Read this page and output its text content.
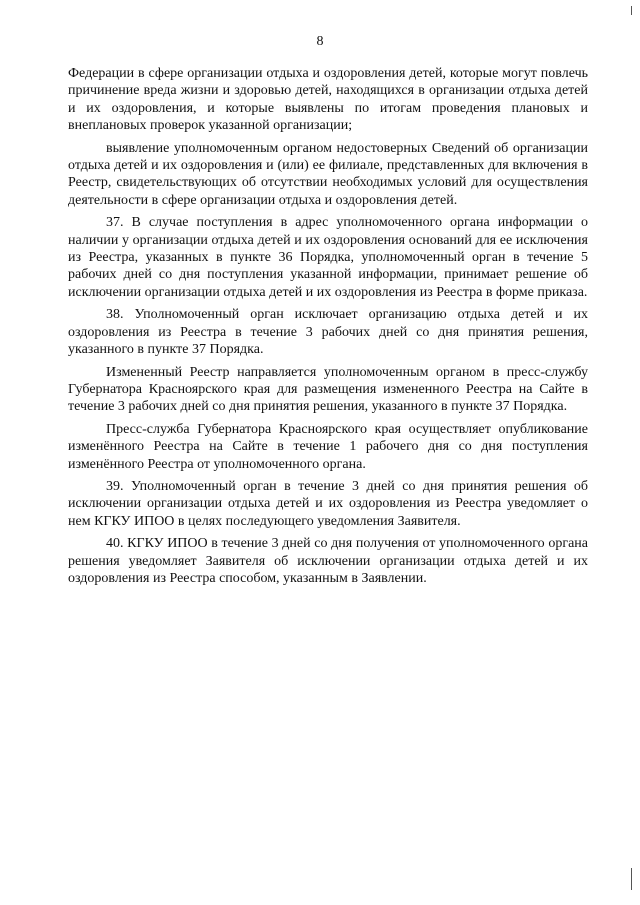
8

Федерации в сфере организации отдыха и оздоровления детей, которые могут повлечь причинение вреда жизни и здоровью детей, находящихся в организации отдыха детей и их оздоровления, и которые выявлены по итогам проведения плановых и внеплановых проверок указанной организации;

выявление уполномоченным органом недостоверных Сведений об организации отдыха детей и их оздоровления и (или) ее филиале, представленных для включения в Реестр, свидетельствующих об отсутствии необходимых условий для осуществления деятельности в сфере организации отдыха и оздоровления детей.

37. В случае поступления в адрес уполномоченного органа информации о наличии у организации отдыха детей и их оздоровления оснований для ее исключения из Реестра, указанных в пункте 36 Порядка, уполномоченный орган в течение 5 рабочих дней со дня поступления указанной информации, принимает решение об исключении организации отдыха детей и их оздоровления из Реестра в форме приказа.

38. Уполномоченный орган исключает организацию отдыха детей и их оздоровления из Реестра в течение 3 рабочих дней со дня принятия решения, указанного в пункте 37 Порядка.

Измененный Реестр направляется уполномоченным органом в пресс-службу Губернатора Красноярского края для размещения измененного Реестра на Сайте в течение 3 рабочих дней со дня принятия решения, указанного в пункте 37 Порядка.

Пресс-служба Губернатора Красноярского края осуществляет опубликование изменённого Реестра на Сайте в течение 1 рабочего дня со дня поступления изменённого Реестра от уполномоченного органа.

39. Уполномоченный орган в течение 3 дней со дня принятия решения об исключении организации отдыха детей и их оздоровления из Реестра уведомляет о нем КГКУ ИПОО в целях последующего уведомления Заявителя.

40. КГКУ ИПОО в течение 3 дней со дня получения от уполномоченного органа решения уведомляет Заявителя об исключении организации отдыха детей и их оздоровления из Реестра способом, указанным в Заявлении.
